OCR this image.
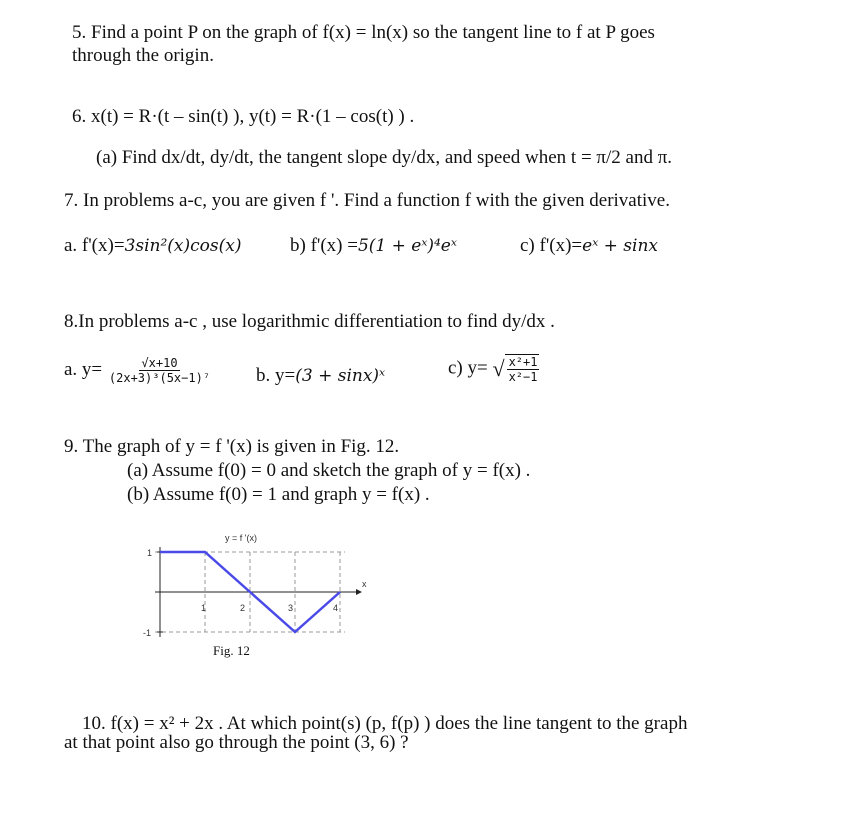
5. Find a point P on the graph of f(x) = ln(x) so the tangent line to f at P goes
through the origin.
6. x(t) = R·(t – sin(t) ), y(t) = R·(1 – cos(t) ) .
(a) Find dx/dt, dy/dt, the tangent slope dy/dx, and speed when t = π/2 and π.
7. In problems a-c, you are given f '. Find a function f with the given derivative.
a. f'(x)=3sin²(x)cos(x)	b) f'(x) =5(1 + eˣ)⁴eˣ	c) f'(x)=eˣ + sinx
8.In problems a-c , use logarithmic differentiation to find dy/dx .
a. $y= \frac{√x+10}{\text{(2x+3)³(5x−1)⁷}} b$. y=(3 + sinx)ˣ	c) y= √ $\frac{\text{x²+1}}{\text{x²−1}}$
9. The graph of y = f '(x) is given in Fig. 12.
(a) Assume f(0) = 0 and sketch the graph of y = f(x) .
(b) Assume f(0) = 1 and graph y = f(x) .
y = f '(x)
x
1	2	3	4
1
-1
Fig. 12
10. f(x) = x² + 2x . At which point(s) (p, f(p) ) does the line tangent to the graph
at that point also go through the point (3, 6) ?
